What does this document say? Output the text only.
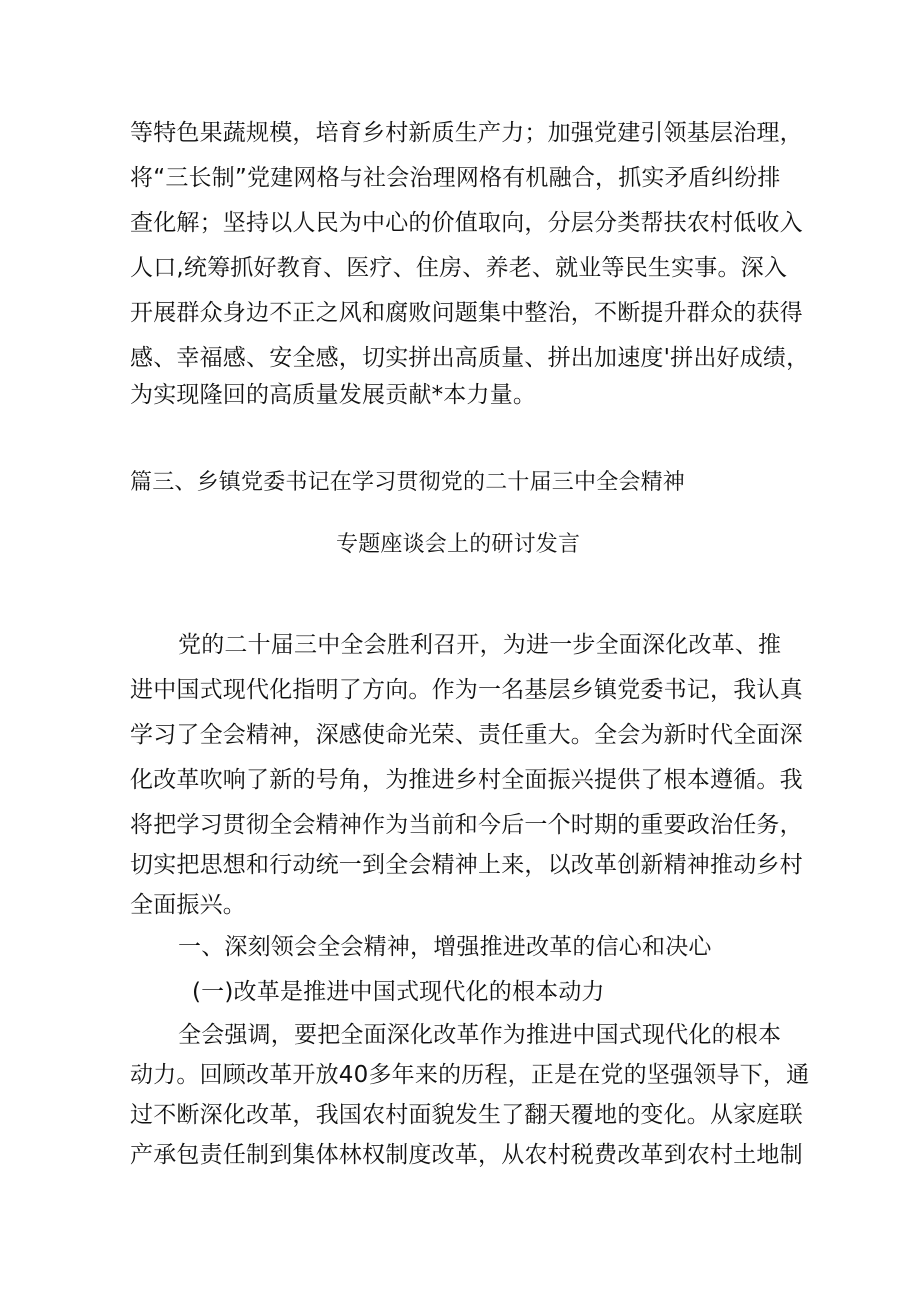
等特色果蔬规模，培育乡村新质生产力；加强党建引领基层治理，
将“三长制”党建网格与社会治理网格有机融合，抓实矛盾纠纷排
查化解；坚持以人民为中心的价值取向，分层分类帮扶农村低收入
人口,统筹抓好教育、医疗、住房、养老、就业等民生实事。深入
开展群众身边不正之风和腐败问题集中整治，不断提升群众的获得
感、幸福感、安全感，切实拼出高质量、拼出加速度'拼出好成绩，
为实现隆回的高质量发展贡献*本力量。
篇三、乡镇党委书记在学习贯彻党的二十届三中全会精神
专题座谈会上的研讨发言
党的二十届三中全会胜利召开，为进一步全面深化改革、推
进中国式现代化指明了方向。作为一名基层乡镇党委书记，我认真
学习了全会精神，深感使命光荣、责任重大。全会为新时代全面深
化改革吹响了新的号角，为推进乡村全面振兴提供了根本遵循。我
将把学习贯彻全会精神作为当前和今后一个时期的重要政治任务，
切实把思想和行动统一到全会精神上来，以改革创新精神推动乡村
全面振兴。
一、深刻领会全会精神，增强推进改革的信心和决心
(一)改革是推进中国式现代化的根本动力
全会强调，要把全面深化改革作为推进中国式现代化的根本
动力。回顾改革开放40多年来的历程，正是在党的坚强领导下，通
过不断深化改革，我国农村面貌发生了翻天覆地的变化。从家庭联
产承包责任制到集体林权制度改革，从农村税费改革到农村土地制
